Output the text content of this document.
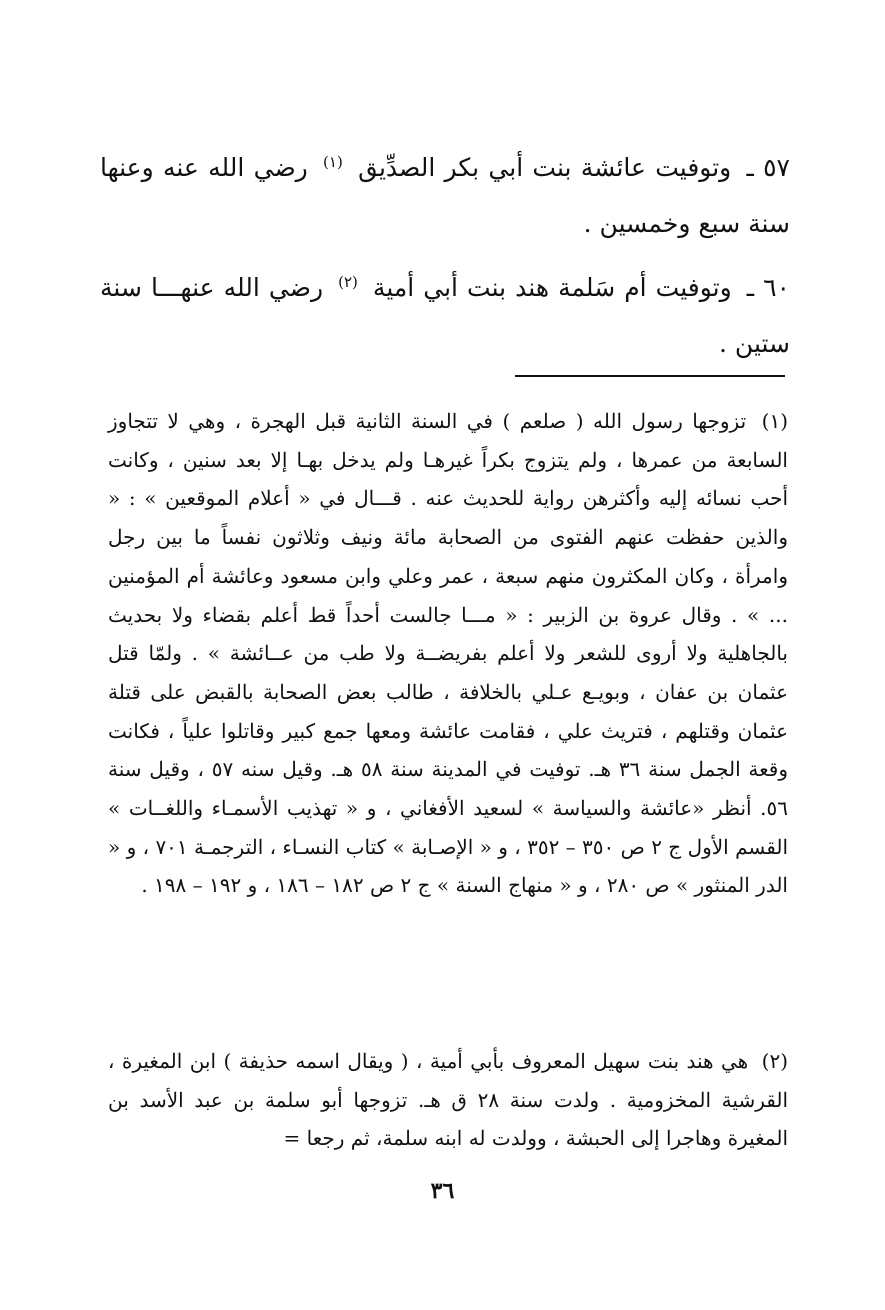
٥٧ ـ وتوفيت عائشة بنت أبي بكر الصدِّيق $^{(١)}$ رضي الله عنه وعنها سنة سبع وخمسين .

٦٠ ـ وتوفيت أم سَلمة هند بنت أبي أمية $^{(٢)}$ رضي الله عنهـــا سنة ستين .

(١) تزوجها رسول الله ( صلعم ) في السنة الثانية قبل الهجرة ، وهي لا تتجاوز السابعة من عمرها ، ولم يتزوج بكراً غيرهـا ولم يدخل بهـا إلا بعد سنين ، وكانت أحب نسائه إليه وأكثرهن رواية للحديث عنه . قـــال في « أعلام الموقعين » : « والذين حفظت عنهم الفتوى من الصحابة مائة ونيف وثلاثون نفساً ما بين رجل وامرأة ، وكان المكثرون منهم سبعة ، عمر وعلي وابن مسعود وعائشة أم المؤمنين ... » . وقال عروة بن الزبير : « مـــا جالست أحداً قط أعلم بقضاء ولا بحديث بالجاهلية ولا أروى للشعر ولا أعلم بفريضــة ولا طب من عــائشة » . ولمّا قتل عثمان بن عفان ، وبويـع عـلي بالخلافة ، طالب بعض الصحابة بالقبض على قتلة عثمان وقتلهم ، فتريث علي ، فقامت عائشة ومعها جمع كبير وقاتلوا علياً ، فكانت وقعة الجمل سنة ٣٦ هـ. توفيت في المدينة سنة ٥٨ هـ. وقيل سنه ٥٧ ، وقيل سنة ٥٦. أنظر «عائشة والسياسة » لسعيد الأفغاني ، و « تهذيب الأسمـاء واللغــات » القسم الأول ج ٢ ص ٣٥٠ – ٣٥٢ ، و « الإصـابة » كتاب النسـاء ، الترجمـة ٧٠١ ، و « الدر المنثور » ص ٢٨٠ ، و « منهاج السنة » ج ٢ ص ١٨٢ – ١٨٦ ، و ١٩٢ – ١٩٨ .

(٢) هي هند بنت سهيل المعروف بأبي أمية ، ( ويقال اسمه حذيفة ) ابن المغيرة ، القرشية المخزومية . ولدت سنة ٢٨ ق هـ. تزوجها أبو سلمة بن عبد الأسد بن المغيرة وهاجرا إلى الحبشة ، وولدت له ابنه سلمة، ثم رجعا =

٣٦
